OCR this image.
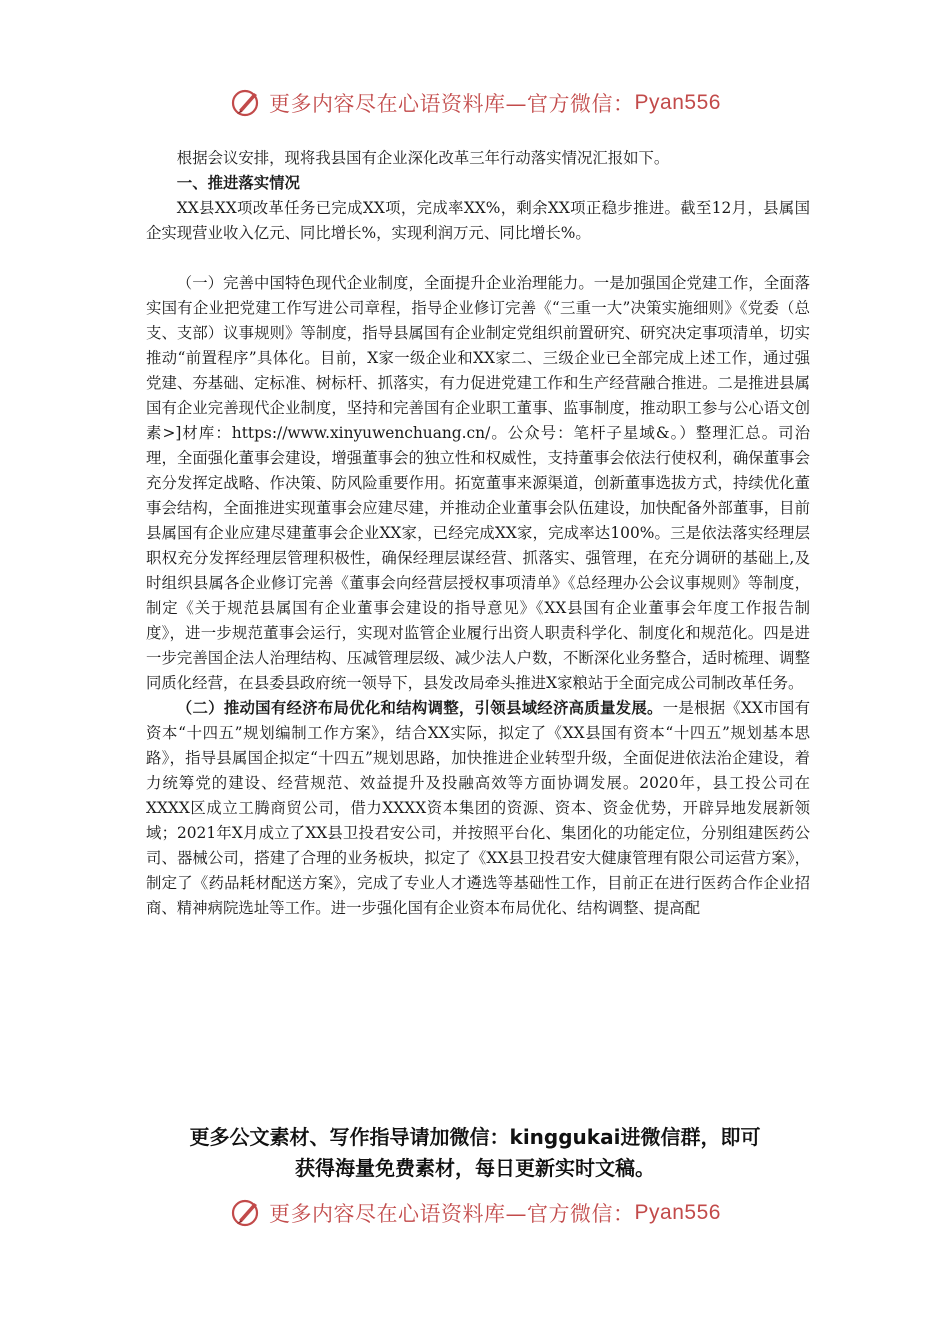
更多内容尽在心语资料库—官方微信： Pyan556

根据会议安排，现将我县国有企业深化改革三年行动落实情况汇报如下。

一、推进落实情况

XX县XX项改革任务已完成XX项，完成率XX%，剩余XX项正稳步推进。截至12月，县属国企实现营业收入亿元、同比增长%，实现利润万元、同比增长%。

（一）完善中国特色现代企业制度，全面提升企业治理能力。一是加强国企党建工作，全面落实国有企业把党建工作写进公司章程，指导企业修订完善《“三重一大”决策实施细则》《党委（总支、支部）议事规则》等制度，指导县属国有企业制定党组织前置研究、研究决定事项清单，切实推动“前置程序”具体化。目前，X家一级企业和XX家二、三级企业已全部完成上述工作，通过强党建、夯基础、定标准、树标杆、抓落实，有力促进党建工作和生产经营融合推进。二是推进县属国有企业完善现代企业制度，坚持和完善国有企业职工董事、监事制度，推动职工参与公心语文创素>]材库：https://www.xinyuwenchuang.cn/。公众号：笔杆子星域&。）整理汇总。司治理，全面强化董事会建设，增强董事会的独立性和权威性，支持董事会依法行使权利，确保董事会充分发挥定战略、作决策、防风险重要作用。拓宽董事来源渠道，创新董事选拔方式，持续优化董事会结构，全面推进实现董事会应建尽建，并推动企业董事会队伍建设，加快配备外部董事，目前县属国有企业应建尽建董事会企业XX家，已经完成XX家，完成率达100%。三是依法落实经理层职权充分发挥经理层管理积极性，确保经理层谋经营、抓落实、强管理，在充分调研的基础上,及时组织县属各企业修订完善《董事会向经营层授权事项清单》《总经理办公会议事规则》等制度，制定《关于规范县属国有企业董事会建设的指导意见》《XX县国有企业董事会年度工作报告制度》，进一步规范董事会运行，实现对监管企业履行出资人职责科学化、制度化和规范化。四是进一步完善国企法人治理结构、压减管理层级、减少法人户数，不断深化业务整合，适时梳理、调整同质化经营，在县委县政府统一领导下，县发改局牵头推进X家粮站于全面完成公司制改革任务。

（二）推动国有经济布局优化和结构调整，引领县域经济高质量发展。一是根据《XX市国有资本“十四五”规划编制工作方案》，结合XX实际，拟定了《XX县国有资本“十四五”规划基本思路》，指导县属国企拟定“十四五”规划思路，加快推进企业转型升级，全面促进依法治企建设，着力统筹党的建设、经营规范、效益提升及投融高效等方面协调发展。2020年，县工投公司在XXXX区成立工腾商贸公司，借力XXXX资本集团的资源、资本、资金优势，开辟异地发展新领域；2021年X月成立了XX县卫投君安公司，并按照平台化、集团化的功能定位，分别组建医药公司、器械公司，搭建了合理的业务板块，拟定了《XX县卫投君安大健康管理有限公司运营方案》，制定了《药品耗材配送方案》，完成了专业人才遴选等基础性工作，目前正在进行医药合作企业招商、精神病院选址等工作。进一步强化国有企业资本布局优化、结构调整、提高配

更多公文素材、写作指导请加微信：kinggukai进微信群，即可
获得海量免费素材，每日更新实时文稿。
更多内容尽在心语资料库—官方微信： Pyan556
